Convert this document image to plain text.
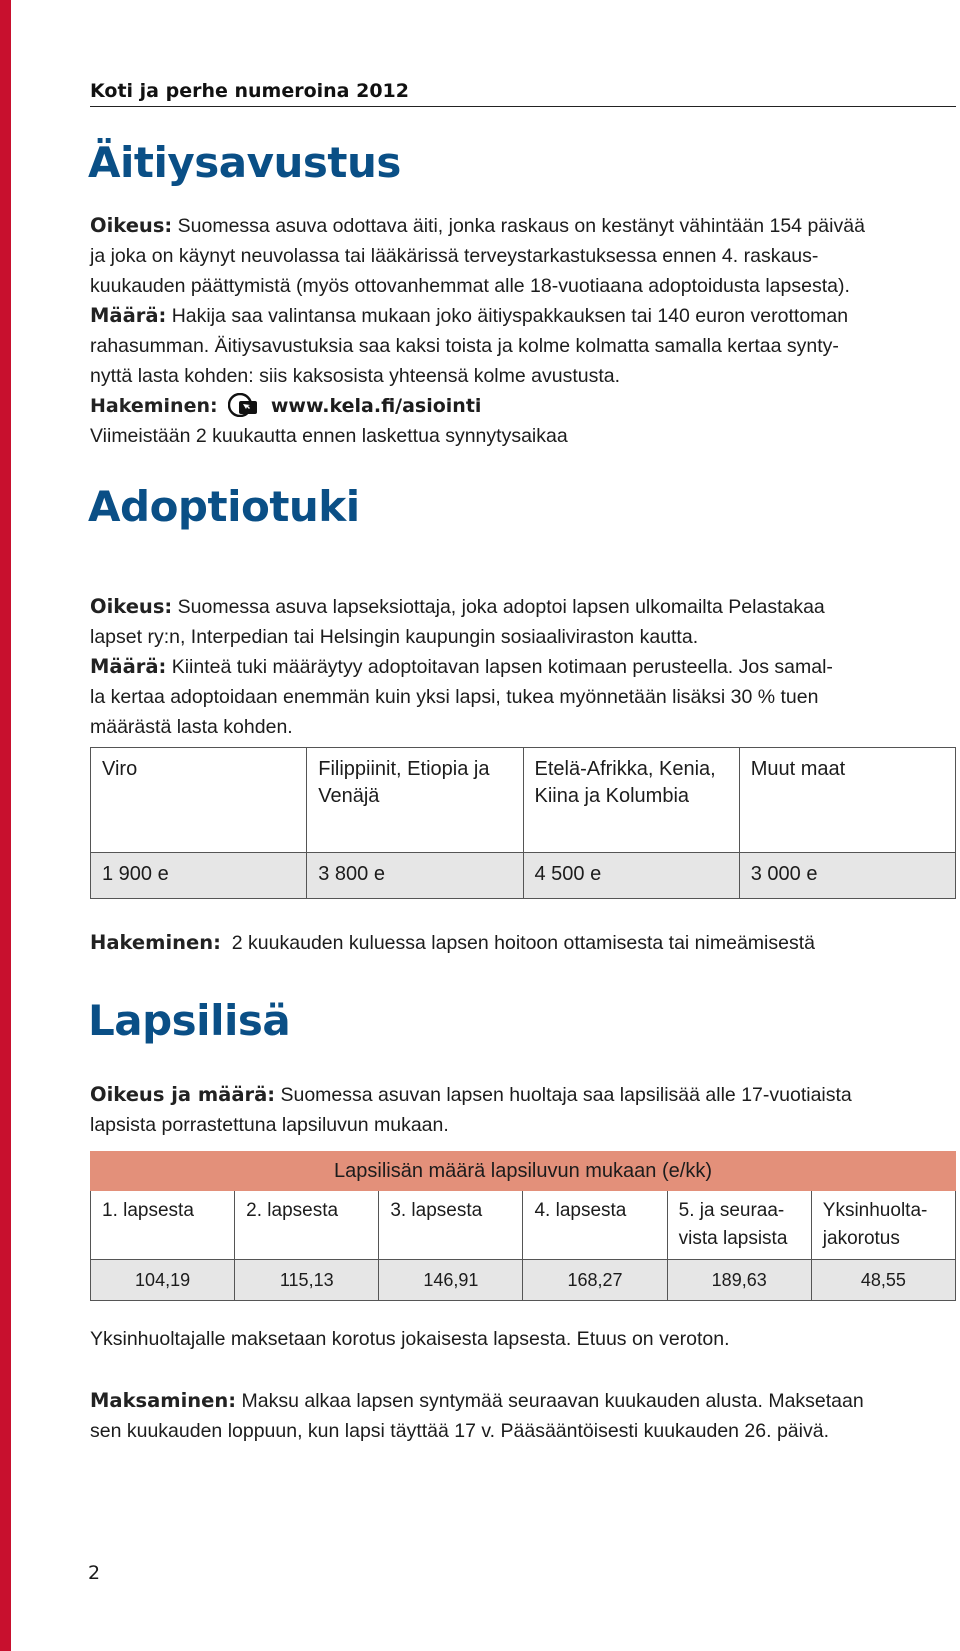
Koti ja perhe numeroina 2012
Äitiysavustus

Oikeus: Suomessa asuva odottava äiti, jonka raskaus on kestänyt vähintään 154 päivää

ja joka on käynyt neuvolassa tai lääkärissä terveystarkastuksessa ennen 4. raskaus-

kuukauden päättymistä (myös ottovanhemmat alle 18-vuotiaana adoptoidusta lapsesta).

Määrä: Hakija saa valintansa mukaan joko äitiyspakkauksen tai 140 euron verottoman

rahasumman. Äitiysavustuksia saa kaksi toista ja kolme kolmatta samalla kertaa synty-

nyttä lasta kohden: siis kaksosista yhteensä kolme avustusta.

Hakeminen:	www.kela.fi/asiointi

Viimeistään 2 kuukautta ennen laskettua synnytysaikaa

Adoptiotuki

Oikeus: Suomessa asuva lapseksiottaja, joka adoptoi lapsen ulkomailta Pelastakaa

lapset ry:n, Interpedian tai Helsingin kaupungin sosiaaliviraston kautta.

Määrä: Kiinteä tuki määräytyy adoptoitavan lapsen kotimaan perusteella. Jos samal-

la kertaa adoptoidaan enemmän kuin yksi lapsi, tukea myönnetään lisäksi 30 % tuen

määrästä lasta kohden.

Viro	Filippiinit, Etiopia ja Venäjä	Etelä-Afrikka, Kenia, Kiina ja Kolumbia	Muut maat
1 900 e	3 800 e	4 500 e	3 000 e

Hakeminen: 2 kuukauden kuluessa lapsen hoitoon ottamisesta tai nimeämisestä

Lapsilisä

Oikeus ja määrä: Suomessa asuvan lapsen huoltaja saa lapsilisää alle 17-vuotiaista

lapsista porrastettuna lapsiluvun mukaan.

Lapsilisän määrä lapsiluvun mukaan (e/kk)					
1. lapsesta	2. lapsesta	3. lapsesta	4. lapsesta	5. ja seuraa-vista lapsista	Yksinhuolta-jakorotus
104,19	115,13	146,91	168,27	189,63	48,55

Yksinhuoltajalle maksetaan korotus jokaisesta lapsesta. Etuus on veroton.

Maksaminen: Maksu alkaa lapsen syntymää seuraavan kuukauden alusta. Maksetaan

sen kuukauden loppuun, kun lapsi täyttää 17 v. Pääsääntöisesti kuukauden 26. päivä.

2
